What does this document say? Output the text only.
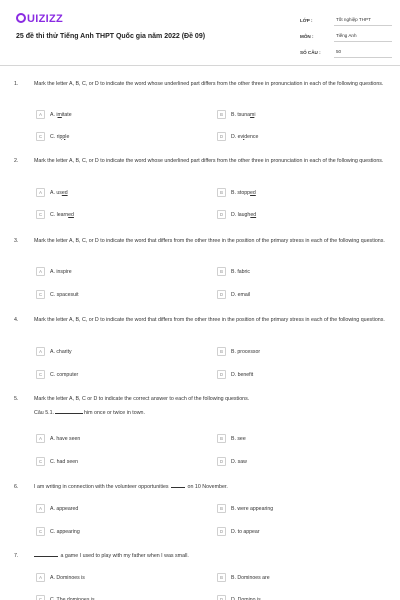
UIZIZZ
25 đề thi thử Tiếng Anh THPT Quốc gia năm 2022 (Đề 09)
LỚP :	Tốt nghiệp THPT
MÔN :	Tiếng Anh
SỐ CÂU :	50
1.	Mark the letter A, B, C, or D to indicate the word whose underlined part differs from the other three in pronunciation in each of the following questions.
A	A. imitate	B	B. tsunami
C	C. ripple	D	D. evidence
2.	Mark the letter A, B, C, or D to indicate the word whose underlined part differs from the other three in pronunciation in each of the following questions.
A	A. used	B	B. stopped
C	C. learned	D	D. laughed
3.	Mark the letter A, B, C, or D to indicate the word that differs from the other three in the position of the primary stress in each of the following questions.
A	A. inspire	B	B. fabric
C	C. spacesuit	D	D. email
4.	Mark the letter A, B, C, or D to indicate the word that differs from the other three in the position of the primary stress in each of the following questions.
A	A. charity	B	B. processor
C	C. computer	D	D. benefit
5.	Mark the letter A, B, C or D to indicate the correct answer to each of the following questions.
Câu 5.1.	him once or twice in town.
A	A. have seen	B	B. see
C	C. had seen	D	D. saw
6.	I am writing in connection with the volunteer opportunities	on 10 November.
A	A. appeared	B	B. were appearing
C	C. appearing	D	D. to appear
7.	a game I used to play with my father when I was small.
A	A. Dominoes is	B	B. Dominoes are
C	C. The dominoes is	D	D. Domino is
